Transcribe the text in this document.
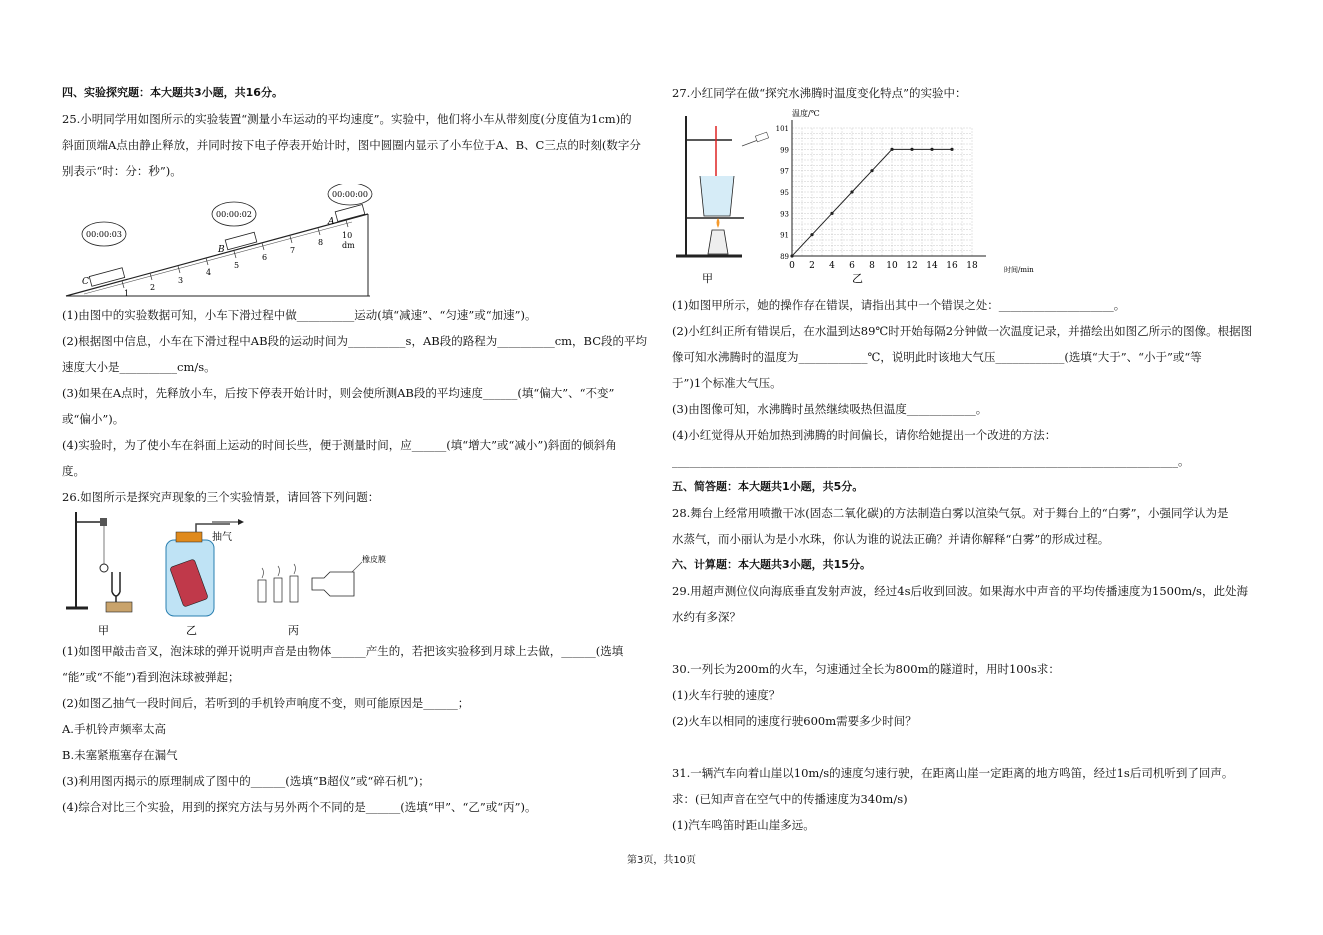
四、实验探究题：本大题共3小题，共16分。
25.小明同学用如图所示的实验装置“测量小车运动的平均速度”。实验中，他们将小车从带刻度(分度值为1cm)的
斜面顶端A点由静止释放，并同时按下电子停表开始计时，图中圆圈内显示了小车位于A、B、C三点的时刻(数字分
别表示“时：分：秒”)。
1
2
3
4
5
6
7
8
10
dm
C
B
A
00:00:03
00:00:02
00:00:00
(1)由图中的实验数据可知，小车下滑过程中做__________运动(填“减速”、“匀速”或“加速”)。
(2)根据图中信息，小车在下滑过程中AB段的运动时间为__________s，AB段的路程为__________cm，BC段的平均
速度大小是__________cm/s。
(3)如果在A点时，先释放小车，后按下停表开始计时，则会使所测AB段的平均速度______(填“偏大”、“不变”
或“偏小”)。
(4)实验时，为了使小车在斜面上运动的时间长些，便于测量时间，应______(填“增大”或“减小”)斜面的倾斜角
度。
26.如图所示是探究声现象的三个实验情景，请回答下列问题：
甲
抽气
乙
橡皮膜
丙
(1)如图甲敲击音叉，泡沫球的弹开说明声音是由物体______产生的，若把该实验移到月球上去做，______(选填
“能”或“不能”)看到泡沫球被弹起；
(2)如图乙抽气一段时间后，若听到的手机铃声响度不变，则可能原因是______；
A.手机铃声频率太高
B.未塞紧瓶塞存在漏气
(3)利用图丙揭示的原理制成了图中的______(选填“B超仪”或“碎石机”)；
(4)综合对比三个实验，用到的探究方法与另外两个不同的是______(选填“甲”、“乙”或“丙”)。
27.小红同学在做“探究水沸腾时温度变化特点”的实验中：
甲
温度/℃
0 2 4 6 8 10 12 14 16 18
89
91
93
95
97
99
101
时间/min
乙
(1)如图甲所示，她的操作存在错误，请指出其中一个错误之处：____________________。
(2)小红纠正所有错误后，在水温到达89℃时开始每隔2分钟做一次温度记录，并描绘出如图乙所示的图像。根据图
像可知水沸腾时的温度为____________℃，说明此时该地大气压____________(选填“大于”、“小于”或“等
于”)1个标准大气压。
(3)由图像可知，水沸腾时虽然继续吸热但温度____________。
(4)小红觉得从开始加热到沸腾的时间偏长，请你给她提出一个改进的方法：
________________________________________________________________________________________。
五、简答题：本大题共1小题，共5分。
28.舞台上经常用喷撒干冰(固态二氧化碳)的方法制造白雾以渲染气氛。对于舞台上的“白雾”，小强同学认为是
水蒸气，而小丽认为是小水珠，你认为谁的说法正确？并请你解释“白雾”的形成过程。
六、计算题：本大题共3小题，共15分。
29.用超声测位仪向海底垂直发射声波，经过4s后收到回波。如果海水中声音的平均传播速度为1500m/s，此处海
水约有多深？
30.一列长为200m的火车，匀速通过全长为800m的隧道时，用时100s求：
(1)火车行驶的速度？
(2)火车以相同的速度行驶600m需要多少时间？
31.一辆汽车向着山崖以10m/s的速度匀速行驶，在距离山崖一定距离的地方鸣笛，经过1s后司机听到了回声。
求：(已知声音在空气中的传播速度为340m/s)
(1)汽车鸣笛时距山崖多远。
第3页，共10页
